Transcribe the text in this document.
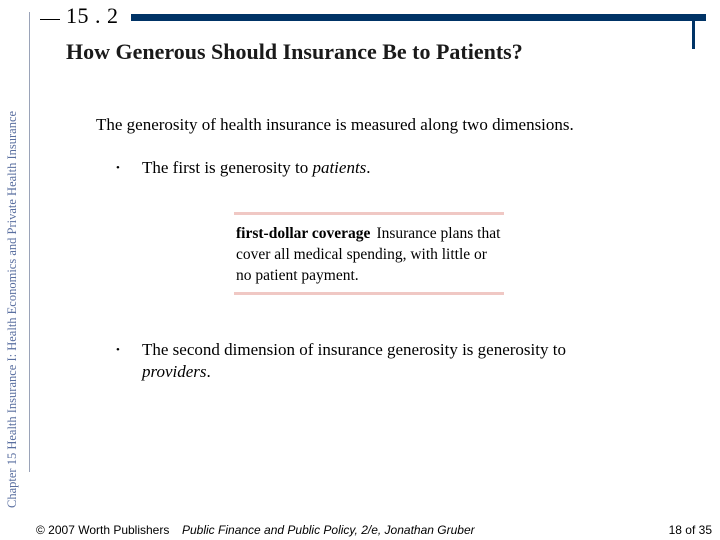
Chapter 15 Health Insurance I: Health Economics and Private Health Insurance
15 . 2
How Generous Should Insurance Be to Patients?

The generosity of health insurance is measured along two dimensions.

•	The first is generosity to patients.
first-dollar coverage Insurance plans that cover all medical spending, with little or no patient payment.
•	The second dimension of insurance generosity is generosity to providers.
© 2007 Worth Publishers Public Finance and Public Policy, 2/e, Jonathan Gruber	18 of 35
